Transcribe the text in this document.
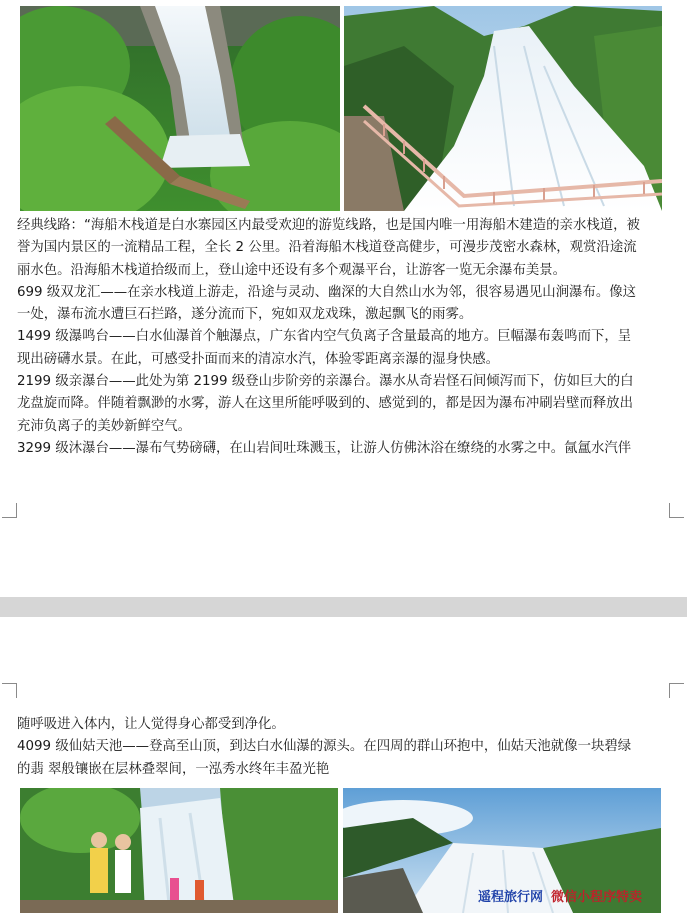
经典线路：“海船木栈道是白水寨园区内最受欢迎的游览线路，也是国内唯一用海船木建造的亲水栈道，被
誉为国内景区的一流精品工程，全长 2 公里。沿着海船木栈道登高健步，可漫步茂密水森林，观赏沿途流
丽水色。沿海船木栈道拾级而上，登山途中还设有多个观瀑平台，让游客一览无余瀑布美景。
699 级双龙汇——在亲水栈道上游走，沿途与灵动、幽深的大自然山水为邻，很容易遇见山涧瀑布。像这
一处，瀑布流水遭巨石拦路，遂分流而下，宛如双龙戏珠，激起飘飞的雨雾。
1499 级瀑鸣台——白水仙瀑首个触瀑点，广东省内空气负离子含量最高的地方。巨幅瀑布轰鸣而下，呈
现出磅礴水景。在此，可感受扑面而来的清凉水汽，体验零距离亲瀑的湿身快感。
2199 级亲瀑台——此处为第 2199 级登山步阶旁的亲瀑台。瀑水从奇岩怪石间倾泻而下，仿如巨大的白
龙盘旋而降。伴随着飘渺的水雾，游人在这里所能呼吸到的、感觉到的，都是因为瀑布冲刷岩壁而释放出
充沛负离子的美妙新鲜空气。
3299 级沐瀑台——瀑布气势磅礴，在山岩间吐珠溅玉，让游人仿佛沐浴在缭绕的水雾之中。氤氲水汽伴
随呼吸进入体内，让人觉得身心都受到净化。
4099 级仙姑天池——登高至山顶，到达白水仙瀑的源头。在四周的群山环抱中，仙姑天池就像一块碧绿
的翡 翠般镶嵌在层林叠翠间，一泓秀水终年丰盈光艳
遥程旅行网 微信小程序特卖
